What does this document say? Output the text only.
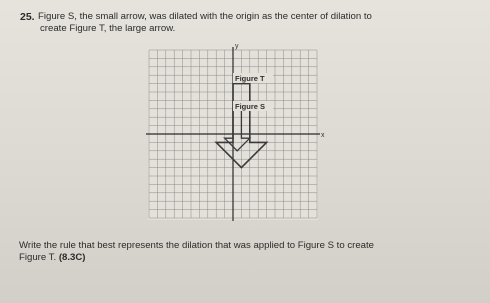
25. Figure S, the small arrow, was dilated with the origin as the center of dilation to
create Figure T, the large arrow.
y
x
Figure T
Figure S
Write the rule that best represents the dilation that was applied to Figure S to create
Figure T. (8.3C)
